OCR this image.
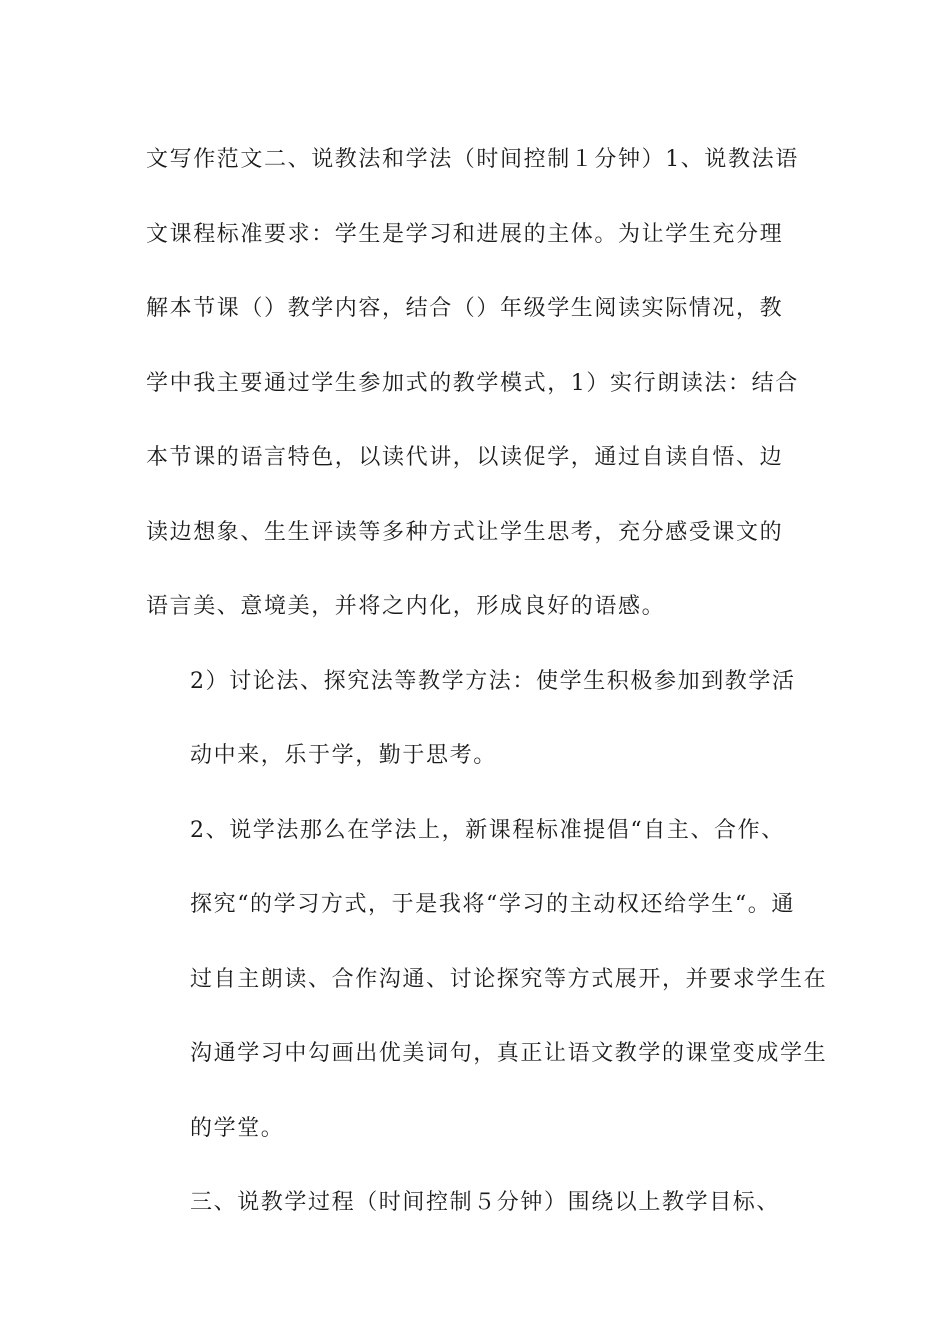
文写作范文二、说教法和学法（时间控制１分钟）1、说教法语
文课程标准要求：学生是学习和进展的主体。为让学生充分理
解本节课（）教学内容，结合（）年级学生阅读实际情况，教
学中我主要通过学生参加式的教学模式，1）实行朗读法：结合
本节课的语言特色，以读代讲，以读促学，通过自读自悟、边
读边想象、生生评读等多种方式让学生思考，充分感受课文的
语言美、意境美，并将之内化，形成良好的语感。

2）讨论法、探究法等教学方法：使学生积极参加到教学活
动中来，乐于学，勤于思考。

2、说学法那么在学法上，新课程标准提倡“自主、合作、
探究“的学习方式，于是我将“学习的主动权还给学生“。通
过自主朗读、合作沟通、讨论探究等方式展开，并要求学生在
沟通学习中勾画出优美词句，真正让语文教学的课堂变成学生
的学堂。

三、说教学过程（时间控制５分钟）围绕以上教学目标、
